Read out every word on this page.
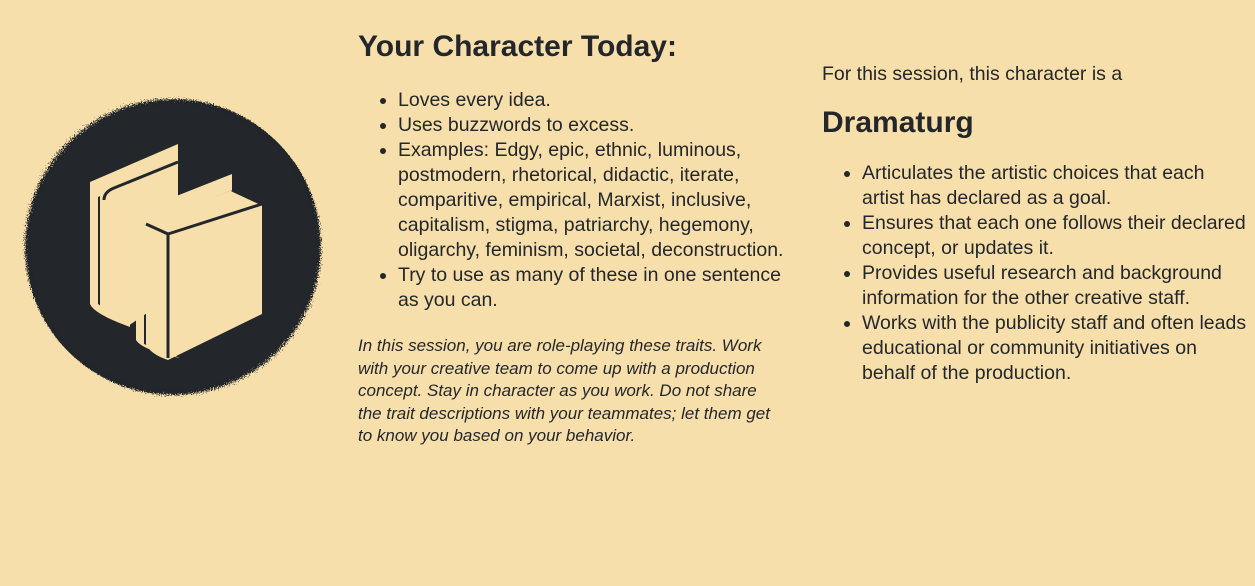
Your Character Today:
• Loves every idea.
• Uses buzzwords to excess.
• Examples: Edgy, epic, ethnic, luminous, postmodern, rhetorical, didactic, iterate, comparitive, empirical, Marxist, inclusive, capitalism, stigma, patriarchy, hegemony, oligarchy, feminism, societal, deconstruction.
• Try to use as many of these in one sentence as you can.

In this session, you are role-playing these traits. Work with your creative team to come up with a production concept. Stay in character as you work. Do not share the trait descriptions with your teammates; let them get to know you based on your behavior.

For this session, this character is a

Dramaturg
• Articulates the artistic choices that each artist has declared as a goal.
• Ensures that each one follows their declared concept, or updates it.
• Provides useful research and background information for the other creative staff.
• Works with the publicity staff and often leads educational or community initiatives on behalf of the production.
